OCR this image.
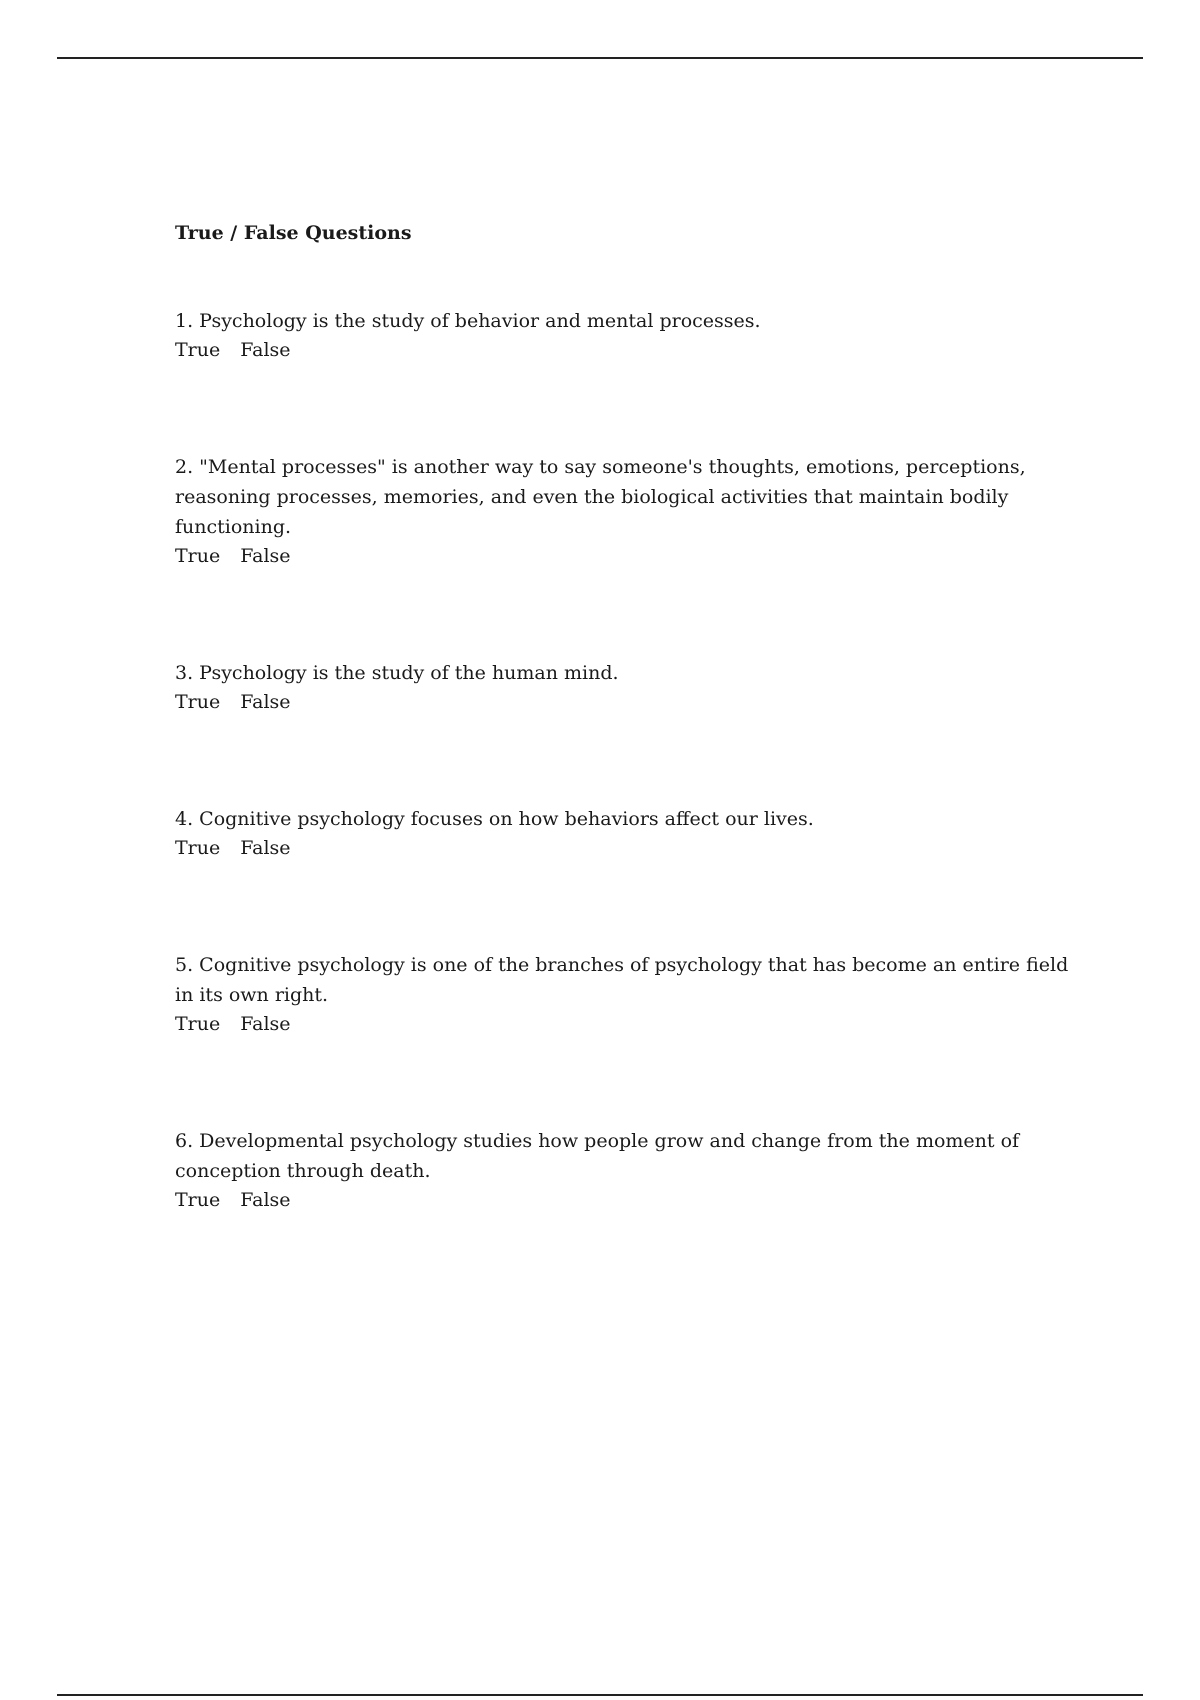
True / False Questions

1. Psychology is the study of behavior and mental processes.

True False

2. "Mental processes" is another way to say someone's thoughts, emotions, perceptions, reasoning processes, memories, and even the biological activities that maintain bodily functioning.

True False

3. Psychology is the study of the human mind.

True False

4. Cognitive psychology focuses on how behaviors affect our lives.

True False

5. Cognitive psychology is one of the branches of psychology that has become an entire field in its own right.

True False

6. Developmental psychology studies how people grow and change from the moment of conception through death.

True False
